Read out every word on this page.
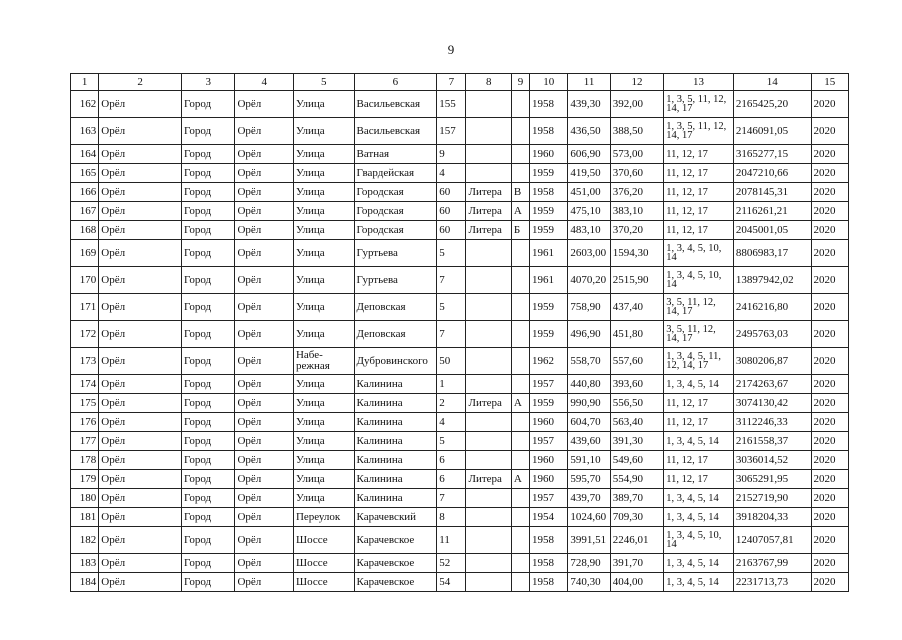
9
1	2	3	4	5	6	7	8	9	10	11	12	13	14	15
162	Орёл	Город	Орёл	Улица	Васильевская	155			1958	439,30	392,00	1, 3, 5, 11, 12, 14, 17	2165425,20	2020
163	Орёл	Город	Орёл	Улица	Васильевская	157			1958	436,50	388,50	1, 3, 5, 11, 12, 14, 17	2146091,05	2020
164	Орёл	Город	Орёл	Улица	Ватная	9			1960	606,90	573,00	11, 12, 17	3165277,15	2020
165	Орёл	Город	Орёл	Улица	Гвардейская	4			1959	419,50	370,60	11, 12, 17	2047210,66	2020
166	Орёл	Город	Орёл	Улица	Городская	60	Литера	В	1958	451,00	376,20	11, 12, 17	2078145,31	2020
167	Орёл	Город	Орёл	Улица	Городская	60	Литера	А	1959	475,10	383,10	11, 12, 17	2116261,21	2020
168	Орёл	Город	Орёл	Улица	Городская	60	Литера	Б	1959	483,10	370,20	11, 12, 17	2045001,05	2020
169	Орёл	Город	Орёл	Улица	Гуртьева	5			1961	2603,00	1594,30	1, 3, 4, 5, 10, 14	8806983,17	2020
170	Орёл	Город	Орёл	Улица	Гуртьева	7			1961	4070,20	2515,90	1, 3, 4, 5, 10, 14	13897942,02	2020
171	Орёл	Город	Орёл	Улица	Деповская	5			1959	758,90	437,40	3, 5, 11, 12, 14, 17	2416216,80	2020
172	Орёл	Город	Орёл	Улица	Деповская	7			1959	496,90	451,80	3, 5, 11, 12, 14, 17	2495763,03	2020
173	Орёл	Город	Орёл	Набе-режная	Дубровинского	50			1962	558,70	557,60	1, 3, 4, 5, 11, 12, 14, 17	3080206,87	2020
174	Орёл	Город	Орёл	Улица	Калинина	1			1957	440,80	393,60	1, 3, 4, 5, 14	2174263,67	2020
175	Орёл	Город	Орёл	Улица	Калинина	2	Литера	А	1959	990,90	556,50	11, 12, 17	3074130,42	2020
176	Орёл	Город	Орёл	Улица	Калинина	4			1960	604,70	563,40	11, 12, 17	3112246,33	2020
177	Орёл	Город	Орёл	Улица	Калинина	5			1957	439,60	391,30	1, 3, 4, 5, 14	2161558,37	2020
178	Орёл	Город	Орёл	Улица	Калинина	6			1960	591,10	549,60	11, 12, 17	3036014,52	2020
179	Орёл	Город	Орёл	Улица	Калинина	6	Литера	А	1960	595,70	554,90	11, 12, 17	3065291,95	2020
180	Орёл	Город	Орёл	Улица	Калинина	7			1957	439,70	389,70	1, 3, 4, 5, 14	2152719,90	2020
181	Орёл	Город	Орёл	Переулок	Карачевский	8			1954	1024,60	709,30	1, 3, 4, 5, 14	3918204,33	2020
182	Орёл	Город	Орёл	Шоссе	Карачевское	11			1958	3991,51	2246,01	1, 3, 4, 5, 10, 14	12407057,81	2020
183	Орёл	Город	Орёл	Шоссе	Карачевское	52			1958	728,90	391,70	1, 3, 4, 5, 14	2163767,99	2020
184	Орёл	Город	Орёл	Шоссе	Карачевское	54			1958	740,30	404,00	1, 3, 4, 5, 14	2231713,73	2020
